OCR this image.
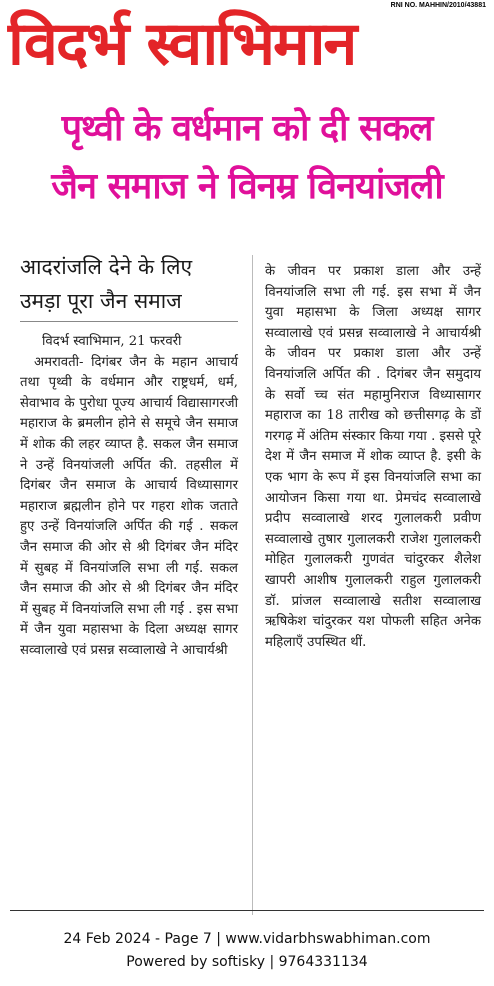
विदर्भ स्वाभिमान
RNI NO. MAHHIN/2010/43881
पृथ्वी के वर्धमान को दी सकल
जैन समाज ने विनम्र विनयांजली
आदरांजलि देने के लिए
उमड़ा पूरा जैन समाज
विदर्भ स्वाभिमान, 21 फरवरी
अमरावती- दिगंबर जैन के महान आचार्य तथा पृथ्वी के वर्धमान और राष्ट्रधर्म, धर्म, सेवाभाव के पुरोधा पूज्य आचार्य विद्यासागरजी महाराज के ब्रमलीन होने से समूचे जैन समाज में शोक की लहर व्याप्त है. सकल जैन समाज ने उन्हें विनयांजली अर्पित की. तहसील में दिगंबर जैन समाज के आचार्य विध्यासागर महाराज ब्रह्मलीन होने पर गहरा शोक जताते हुए उन्हें विनयांजलि अर्पित की गई . सकल जैन समाज की ओर से श्री दिगंबर जैन मंदिर में सुबह में विनयांजलि सभा ली गई. सकल जैन समाज की ओर से श्री दिगंबर जैन मंदिर में सुबह में विनयांजलि सभा ली गई . इस सभा में जैन युवा महासभा के दिला अध्यक्ष सागर सव्वालाखे एवं प्रसन्न सव्वालाखे ने आचार्यश्री
के जीवन पर प्रकाश डाला और उन्हें विनयांजलि सभा ली गई. इस सभा में जैन युवा महासभा के जिला अध्यक्ष सागर सव्वालाखे एवं प्रसन्न सव्वालाखे ने आचार्यश्री के जीवन पर प्रकाश डाला और उन्हें विनयांजलि अर्पित की . दिगंबर जैन समुदाय के सर्वो च्च संत महामुनिराज विध्यासागर महाराज का 18 तारीख को छत्तीसगढ़ के डों गरगढ़ में अंतिम संस्कार किया गया . इससे पूरे देश में जैन समाज में शोक व्याप्त है. इसी के एक भाग के रूप में इस विनयांजलि सभा का आयोजन किसा गया था. प्रेमचंद सव्वालाखे प्रदीप सव्वालाखे शरद गुलालकरी प्रवीण सव्वालाखे तुषार गुलालकरी राजेश गुलालकरी मोहित गुलालकरी गुणवंत चांदुरकर शैलेश खापरी आशीष गुलालकरी राहुल गुलालकरी डॉ. प्रांजल सव्वालाखे सतीश सव्वालाख ऋषिकेश चांदुरकर यश पोफली सहित अनेक महिलाएँ उपस्थित थीं.
24 Feb 2024 - Page 7 | www.vidarbhswabhiman.com
Powered by softisky | 9764331134
